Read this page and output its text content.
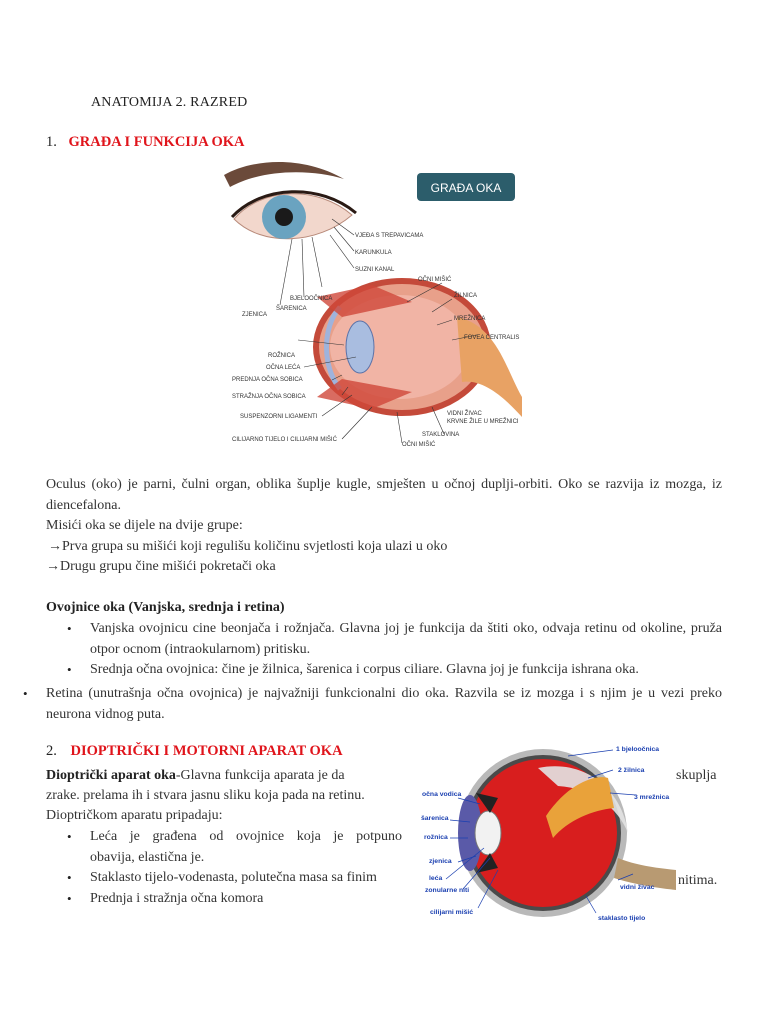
ANATOMIJA 2. RAZRED
1. GRAĐA I FUNKCIJA OKA
GRAĐA OKA
VJEĐA S TREPAVICAMA
KARUNKULA
SUZNI KANAL
OČNI MIŠIĆ
ŽILNICA
MREŽNICA
FOVEA CENTRALIS
BJELOOČNICA
ŠARENICA
ZJENICA
ROŽNICA
OČNA LEĆA
PREDNJA OČNA SOBICA
STRAŽNJA OČNA SOBICA
SUSPENZORNI LIGAMENTI
CILIJARNO TIJELO I CILIJARNI MIŠIĆ
VIDNI ŽIVAC
KRVNE ŽILE U MREŽNICI
STAKLOVINA
OČNI MIŠIĆ
Oculus (oko) je parni, čulni organ, oblika šuplje kugle, smješten u očnoj duplji-orbiti. Oko se razvija iz mozga, iz diencefalona.
Misići oka se dijele na dvije grupe:
→Prva grupa su mišići koji regulišu količinu svjetlosti koja ulazi u oko
→Drugu grupu čine mišići pokretači oka
Ovojnice oka (Vanjska, srednja i retina)
• Vanjska ovojnicu cine beonjača i rožnjača. Glavna joj je funkcija da štiti oko, odvaja retinu od okoline, pruža otpor ocnom (intraokularnom) pritisku.
• Srednja očna ovojnica: čine je žilnica, šarenica i corpus ciliare. Glavna joj je funkcija ishrana oka.
• Retina (unutrašnja očna ovojnica) je najvažniji funkcionalni dio oka. Razvila se iz mozga i s njim je u vezi preko neurona vidnog puta.
2. DIOPTRIČKI I MOTORNI APARAT OKA
Dioptrički aparat oka-Glavna funkcija aparata je da	skuplja
zrake. prelama ih i stvara jasnu sliku koja pada na retinu.
Dioptričkom aparatu pripadaju:
• Leća je građena od ovojnice koja je potpuno
obavija, elastična je.
• Staklasto tijelo-vodenasta, polutečna masa sa finim
• Prednja i stražnja očna komora
nitima.
1 bjeloočnica
2 žilnica
3 mrežnica
očna vodica
šarenica
rožnica
zjenica
leća
zonularne niti
cilijarni mišić
vidni živac
staklasto tijelo
